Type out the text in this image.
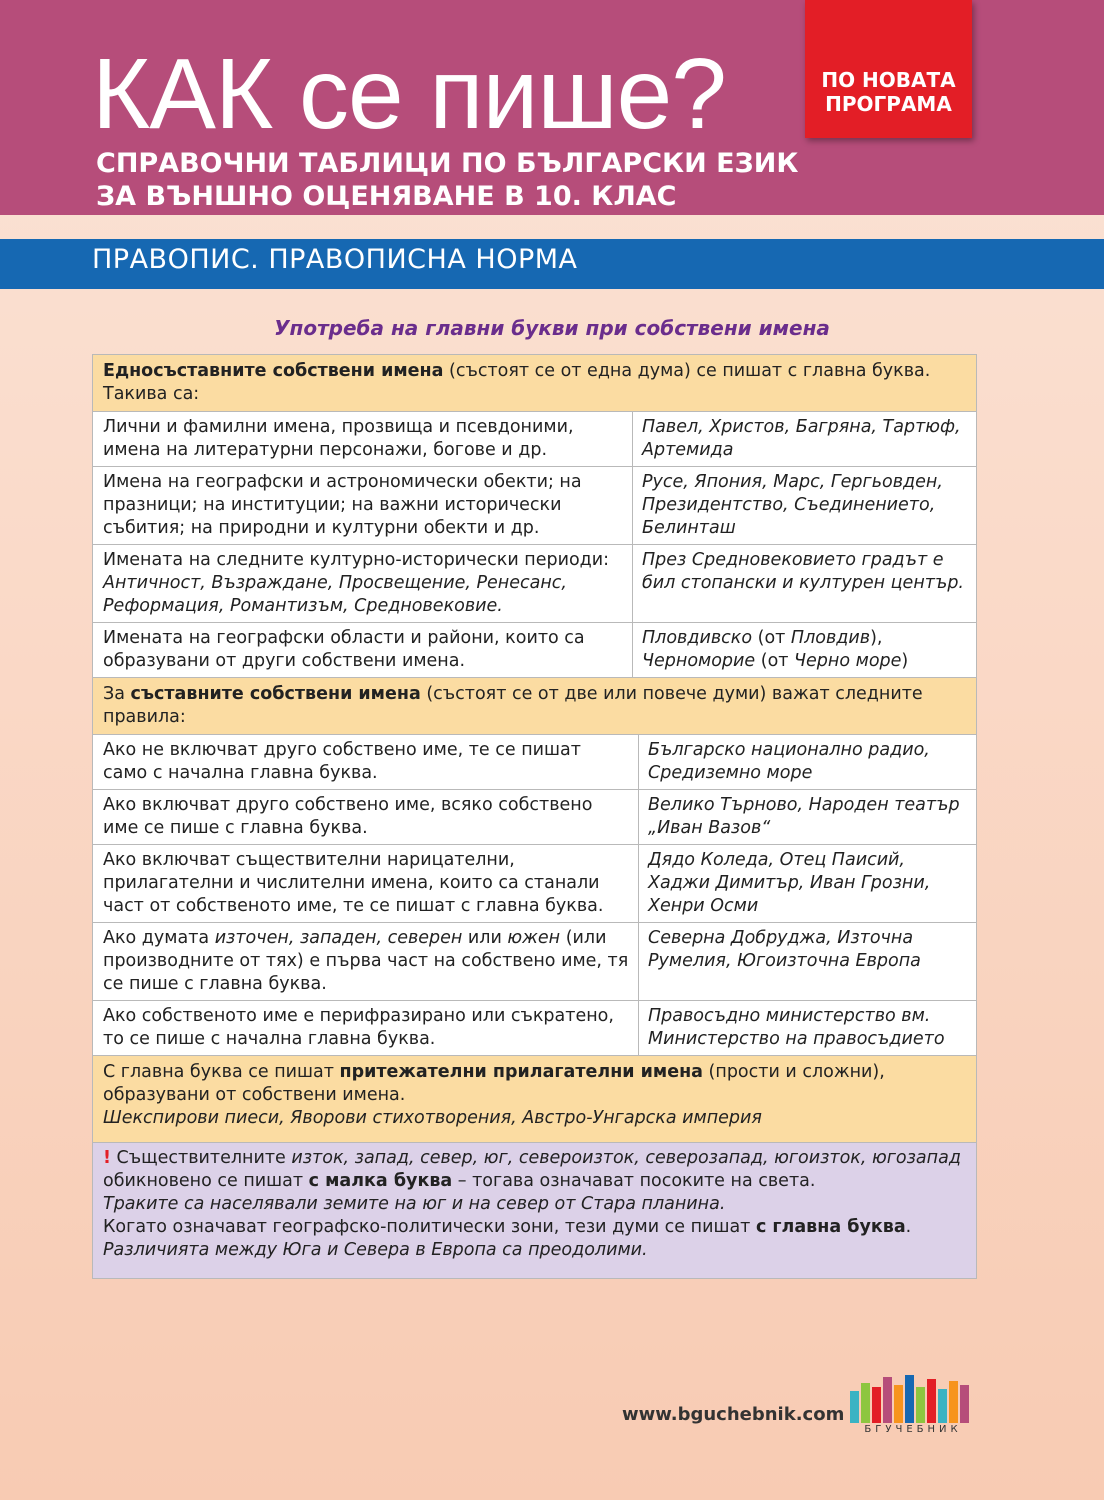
КАК се пише?
СПРАВОЧНИ ТАБЛИЦИ ПО БЪЛГАРСКИ ЕЗИК
ЗА ВЪНШНО ОЦЕНЯВАНЕ В 10. КЛАС
ПО НОВАТА
ПРОГРАМА
ПРАВОПИС. ПРАВОПИСНА НОРМА
Употреба на главни букви при собствени имена
Едносъставните собствени имена (състоят се от една дума) се пишат с главна буква. Такива са:
Лични и фамилни имена, прозвища и псевдоними, имена на литературни персонажи, богове и др.
Павел, Христов, Багряна, Тартюф, Артемида
Имена на географски и астрономически обекти; на празници; на институции; на важни исторически събития; на природни и културни обекти и др.
Русе, Япония, Марс, Гергьовден, Президентство, Съединението, Белинташ
Имената на следните културно-исторически периоди: Античност, Възраждане, Просвещение, Ренесанс, Реформация, Романтизъм, Средновековие.
През Средновековието градът е бил стопански и културен център.
Имената на географски области и райони, които са образувани от други собствени имена.
Пловдивско (от Пловдив),
Черноморие (от Черно море)
За съставните собствени имена (състоят се от две или повече думи) важат следните правила:
Ако не включват друго собствено име, те се пишат само с начална главна буква.
Българско национално радио, Средиземно море
Ако включват друго собствено име, всяко собствено име се пише с главна буква.
Велико Търново, Народен театър „Иван Вазов“
Ако включват съществителни нарицателни, прилагателни и числителни имена, които са станали част от собственото име, те се пишат с главна буква.
Дядо Коледа, Отец Паисий, Хаджи Димитър, Иван Грозни, Хенри Осми
Ако думата източен, западен, северен или южен (или производните от тях) е първа част на собствено име, тя се пише с главна буква.
Северна Добруджа, Източна Румелия, Югоизточна Европа
Ако собственото име е перифразирано или съкратено, то се пише с начална главна буква.
Правосъдно министерство вм. Министерство на правосъдието
С главна буква се пишат притежателни прилагателни имена (прости и сложни), образувани от собствени имена.
Шекспирови пиеси, Яворови стихотворения, Австро-Унгарска империя
! Съществителните изток, запад, север, юг, североизток, северозапад, югоизток, югозапад обикновено се пишат с малка буква – тогава означават посоките на света.
Траките са населявали земите на юг и на север от Стара планина.
Когато означават географско-политически зони, тези думи се пишат с главна буква.
Различията между Юга и Севера в Европа са преодолими.
www.bguchebnik.com
БГУЧЕБНИК
